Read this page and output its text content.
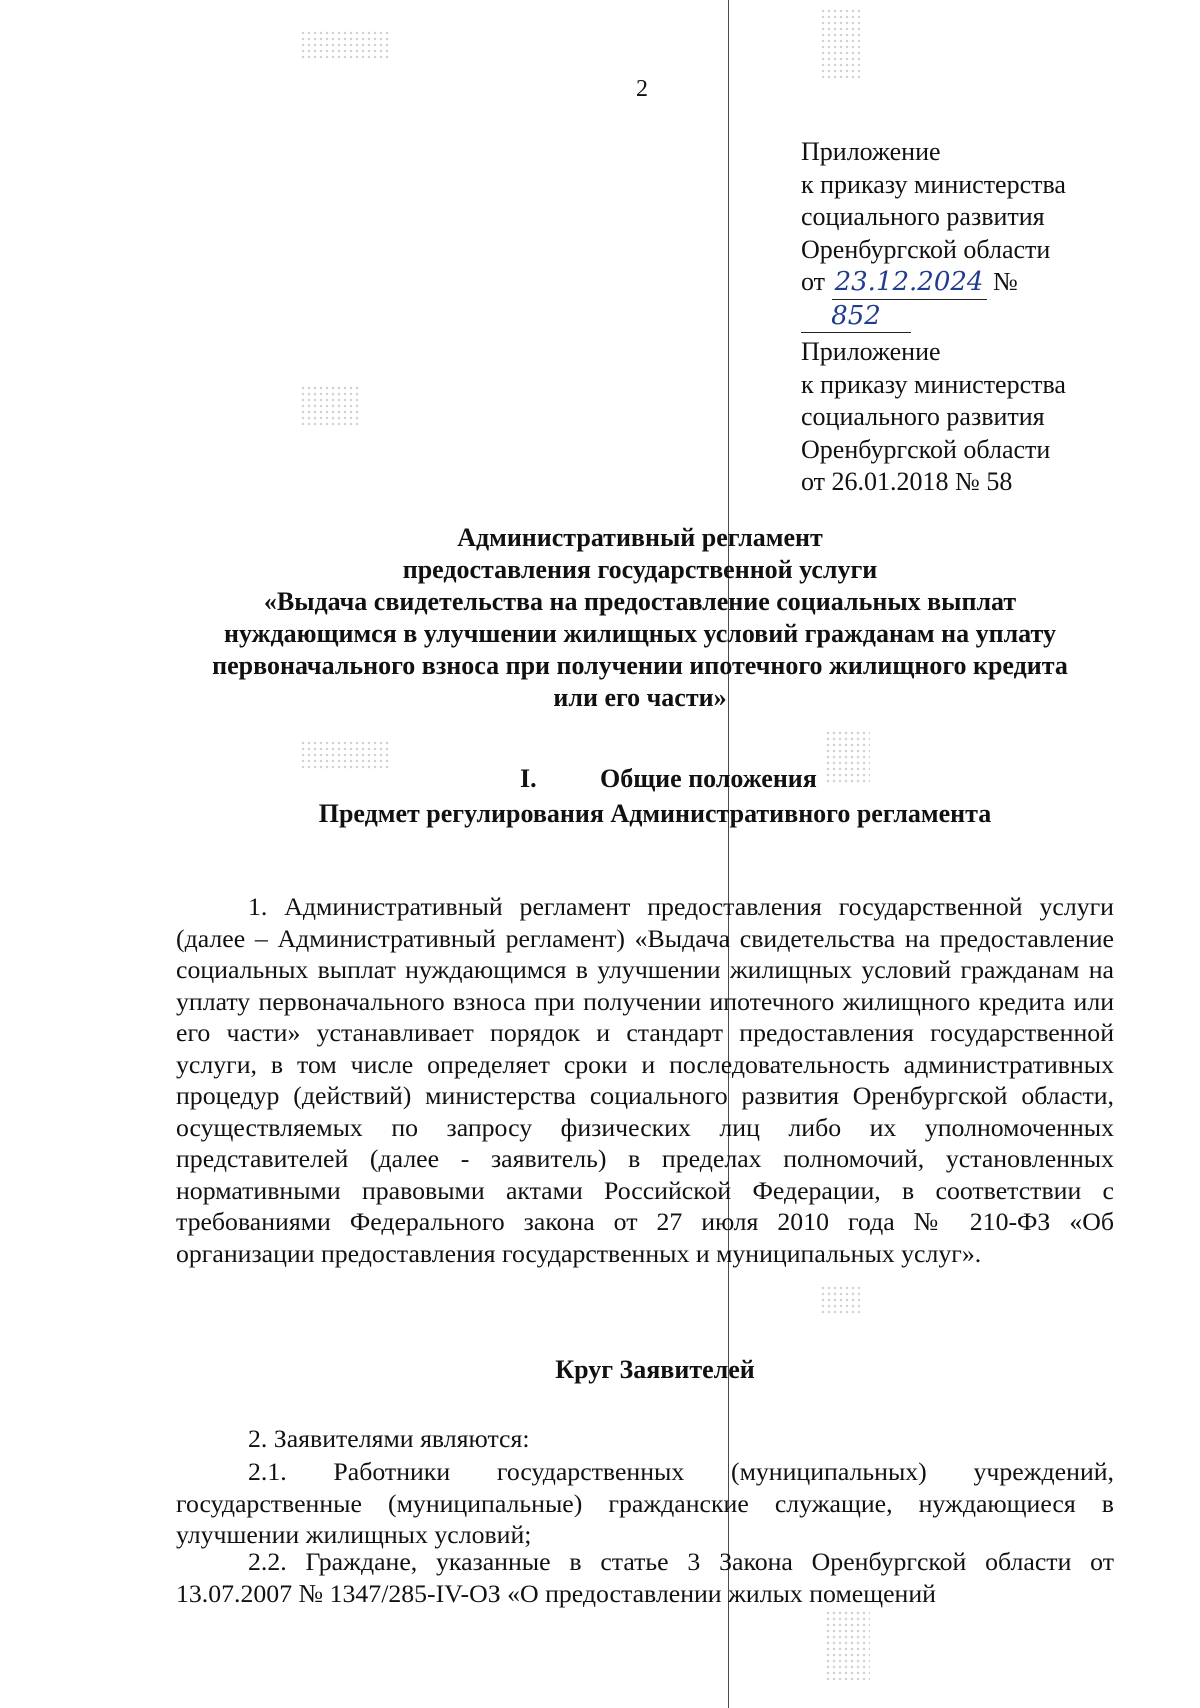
2
Приложение
к приказу министерства
социального развития
Оренбургской области
от 23.12.2024 № 852
Приложение
к приказу министерства
социального развития
Оренбургской области
от 26.01.2018 № 58
Административный регламент
предоставления государственной услуги
«Выдача свидетельства на предоставление социальных выплат
нуждающимся в улучшении жилищных условий гражданам на уплату
первоначального взноса при получении ипотечного жилищного кредита
или его части»
I. Общие положения
Предмет регулирования Административного регламента

1. Административный регламент предоставления государственной услуги (далее – Административный регламент) «Выдача свидетельства на предоставление социальных выплат нуждающимся в улучшении жилищных условий гражданам на уплату первоначального взноса при получении ипотечного жилищного кредита или его части» устанавливает порядок и стандарт предоставления государственной услуги, в том числе определяет сроки и последовательность административных процедур (действий) министерства социального развития Оренбургской области, осуществляемых по запросу физических лиц либо их уполномоченных представителей (далее - заявитель) в пределах полномочий, установленных нормативными правовыми актами Российской Федерации, в соответствии с требованиями Федерального закона от 27 июля 2010 года № 210-ФЗ «Об организации предоставления государственных и муниципальных услуг».

Круг Заявителей

2. Заявителями являются:

2.1. Работники государственных (муниципальных) учреждений, государственные (муниципальные) гражданские служащие, нуждающиеся в улучшении жилищных условий;

2.2. Граждане, указанные в статье 3 Закона Оренбургской области от 13.07.2007 № 1347/285-IV-ОЗ «О предоставлении жилых помещений
